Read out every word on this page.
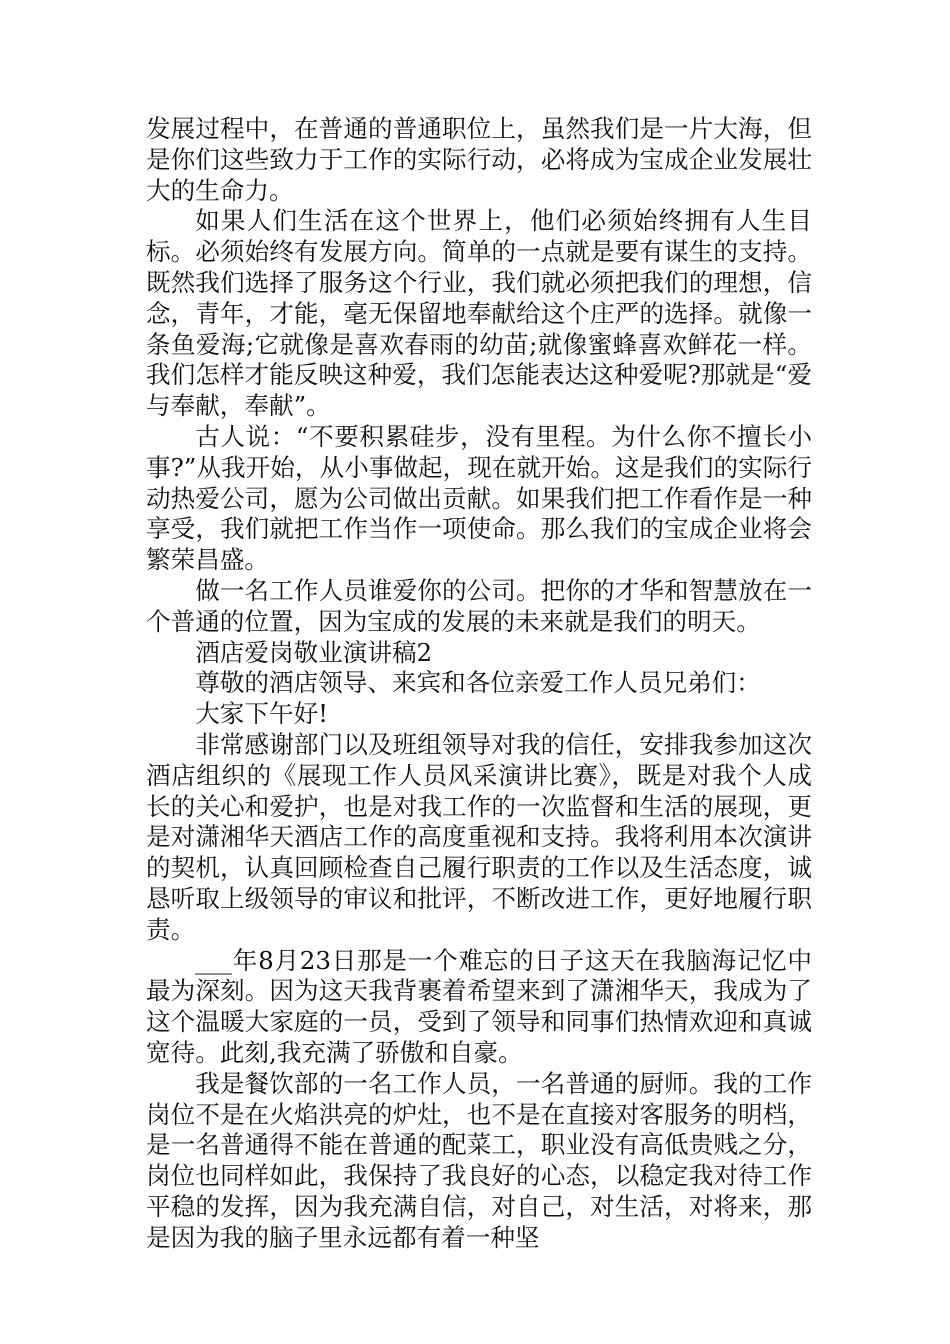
发展过程中，在普通的普通职位上，虽然我们是一片大海，但是你们这些致力于工作的实际行动，必将成为宝成企业发展壮大的生命力。

如果人们生活在这个世界上，他们必须始终拥有人生目标。必须始终有发展方向。简单的一点就是要有谋生的支持。既然我们选择了服务这个行业，我们就必须把我们的理想，信念，青年，才能，毫无保留地奉献给这个庄严的选择。就像一条鱼爱海;它就像是喜欢春雨的幼苗;就像蜜蜂喜欢鲜花一样。我们怎样才能反映这种爱，我们怎能表达这种爱呢?那就是“爱与奉献，奉献”。

古人说：“不要积累硅步，没有里程。为什么你不擅长小事?”从我开始，从小事做起，现在就开始。这是我们的实际行动热爱公司，愿为公司做出贡献。如果我们把工作看作是一种享受，我们就把工作当作一项使命。那么我们的宝成企业将会繁荣昌盛。

做一名工作人员谁爱你的公司。把你的才华和智慧放在一个普通的位置，因为宝成的发展的未来就是我们的明天。

酒店爱岗敬业演讲稿2

尊敬的酒店领导、来宾和各位亲爱工作人员兄弟们：

大家下午好!

非常感谢部门以及班组领导对我的信任，安排我参加这次酒店组织的《展现工作人员风采演讲比赛》，既是对我个人成长的关心和爱护，也是对我工作的一次监督和生活的展现，更是对潇湘华天酒店工作的高度重视和支持。我将利用本次演讲的契机，认真回顾检查自己履行职责的工作以及生活态度，诚恳听取上级领导的审议和批评，不断改进工作，更好地履行职责。

___年8月23日那是一个难忘的日子这天在我脑海记忆中最为深刻。因为这天我背裹着希望来到了潇湘华天，我成为了这个温暖大家庭的一员，受到了领导和同事们热情欢迎和真诚宽待。此刻,我充满了骄傲和自豪。

我是餐饮部的一名工作人员，一名普通的厨师。我的工作岗位不是在火焰洪亮的炉灶，也不是在直接对客服务的明档，是一名普通得不能在普通的配菜工，职业没有高低贵贱之分，岗位也同样如此，我保持了我良好的心态，以稳定我对待工作平稳的发挥，因为我充满自信，对自己，对生活，对将来，那是因为我的脑子里永远都有着一种坚
